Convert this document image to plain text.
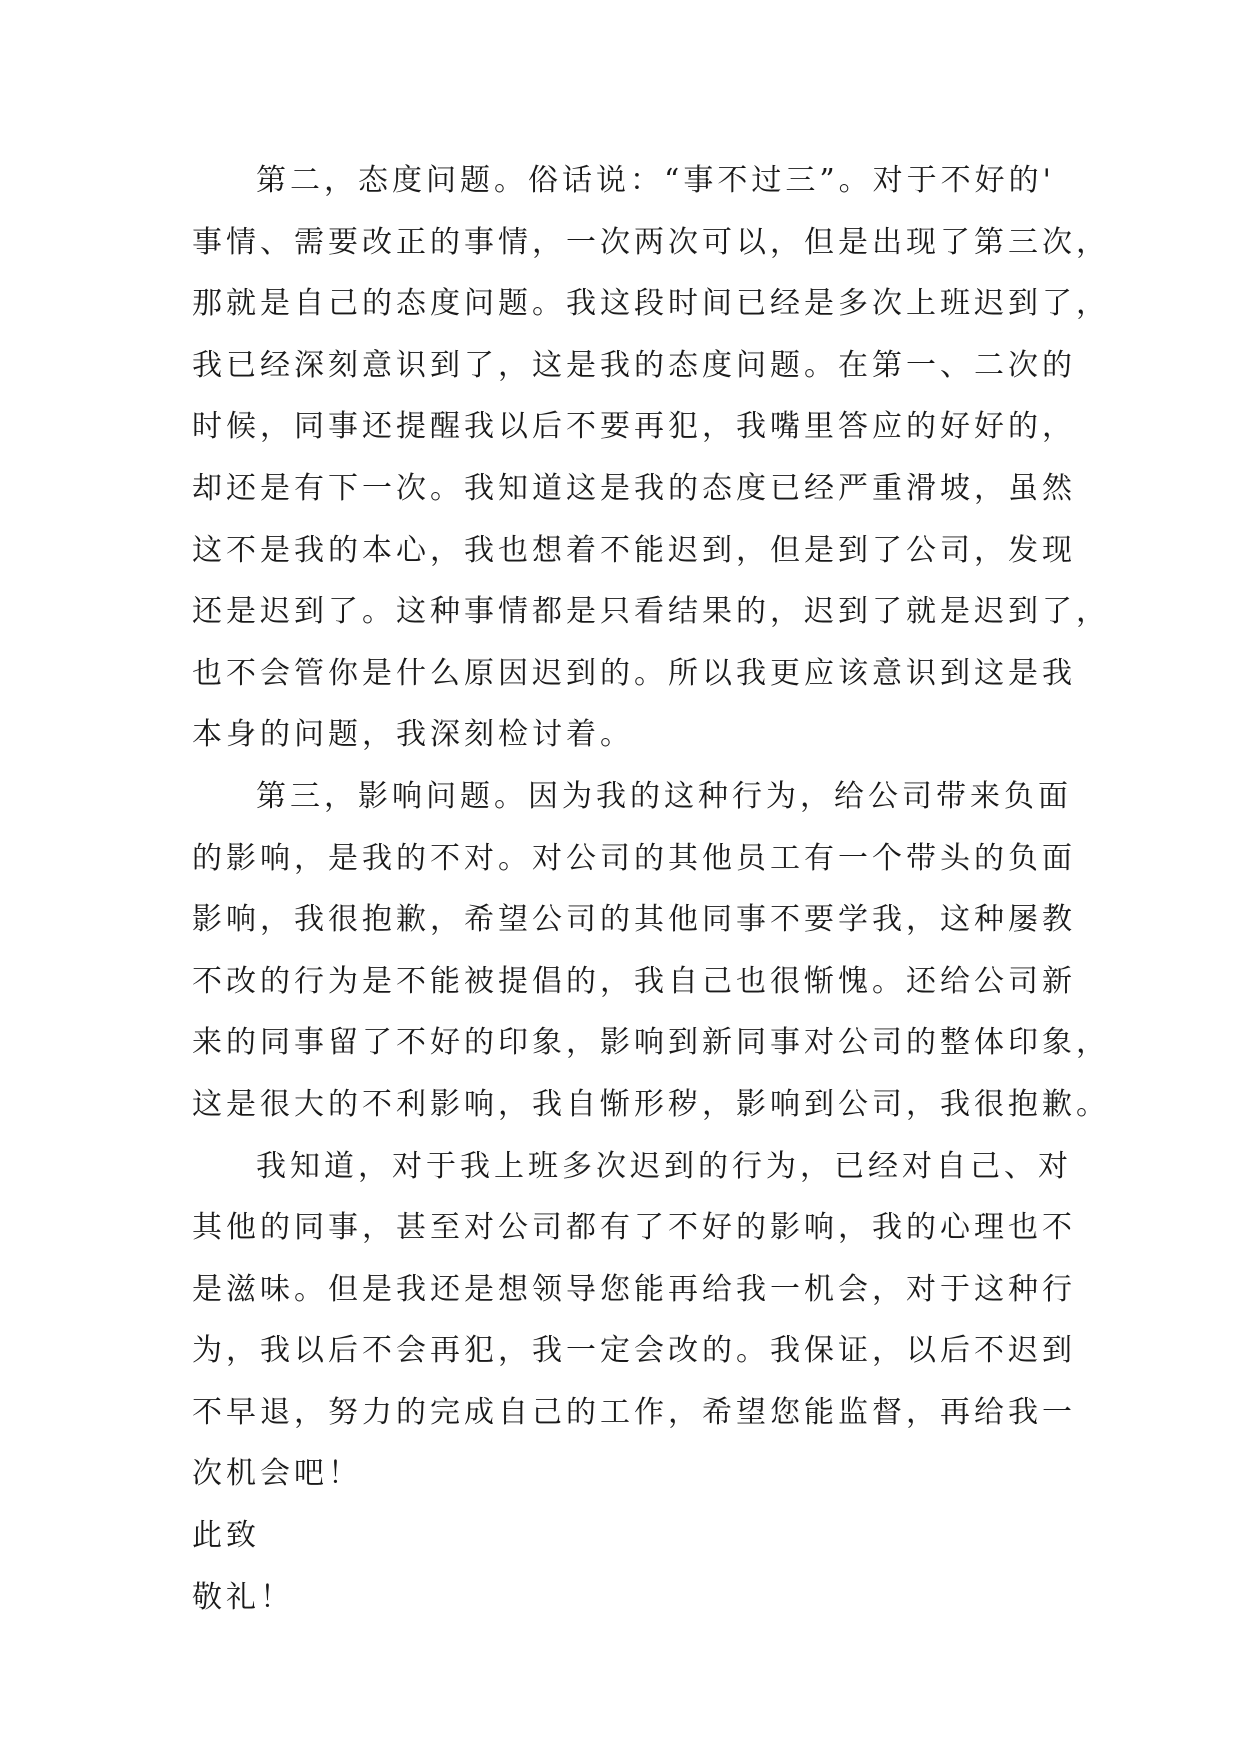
第二，态度问题。俗话说：“事不过三”。对于不好的'
事情、需要改正的事情，一次两次可以，但是出现了第三次，
那就是自己的态度问题。我这段时间已经是多次上班迟到了，
我已经深刻意识到了，这是我的态度问题。在第一、二次的
时候，同事还提醒我以后不要再犯，我嘴里答应的好好的，
却还是有下一次。我知道这是我的态度已经严重滑坡，虽然
这不是我的本心，我也想着不能迟到，但是到了公司，发现
还是迟到了。这种事情都是只看结果的，迟到了就是迟到了，
也不会管你是什么原因迟到的。所以我更应该意识到这是我
本身的问题，我深刻检讨着。
第三，影响问题。因为我的这种行为，给公司带来负面
的影响，是我的不对。对公司的其他员工有一个带头的负面
影响，我很抱歉，希望公司的其他同事不要学我，这种屡教
不改的行为是不能被提倡的，我自己也很惭愧。还给公司新
来的同事留了不好的印象，影响到新同事对公司的整体印象，
这是很大的不利影响，我自惭形秽，影响到公司，我很抱歉。
我知道，对于我上班多次迟到的行为，已经对自己、对
其他的同事，甚至对公司都有了不好的影响，我的心理也不
是滋味。但是我还是想领导您能再给我一机会，对于这种行
为，我以后不会再犯，我一定会改的。我保证，以后不迟到
不早退，努力的完成自己的工作，希望您能监督，再给我一
次机会吧！
此致
敬礼！
